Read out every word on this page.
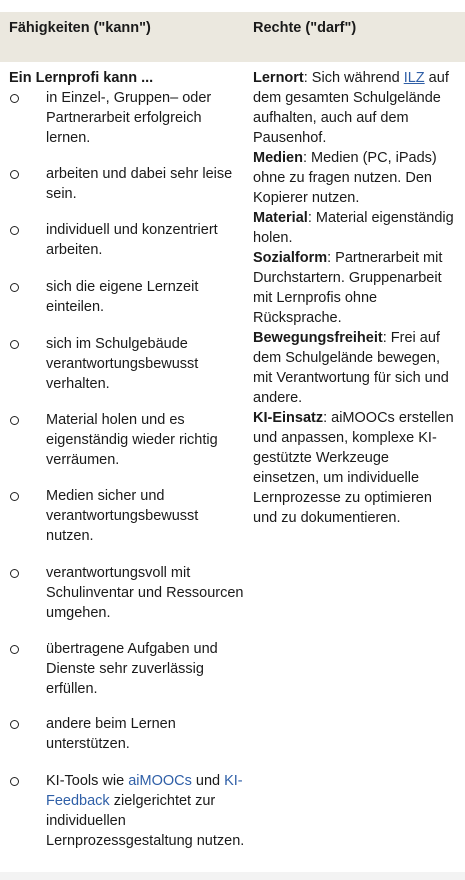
Fähigkeiten ("kann")	Rechte ("darf")

Ein Lernprofi kann ...

in Einzel-, Gruppen– oder Partnerarbeit erfolgreich lernen.
arbeiten und dabei sehr leise sein.
individuell und konzentriert arbeiten.
sich die eigene Lernzeit einteilen.
sich im Schulgebäude verantwortungsbewusst verhalten.
Material holen und es eigenständig wieder richtig verräumen.
Medien sicher und verantwortungsbewusst nutzen.
verantwortungsvoll mit Schulinventar und Ressourcen umgehen.
übertragene Aufgaben und Dienste sehr zuverlässig erfüllen.
andere beim Lernen unterstützen.
KI-Tools wie aiMOOCs und KI-Feedback zielgerichtet zur individuellen Lernprozessgestaltung nutzen.
Lernort: Sich während ILZ auf dem gesamten Schulgelände aufhalten, auch auf dem Pausenhof.
Medien: Medien (PC, iPads) ohne zu fragen nutzen. Den Kopierer nutzen.
Material: Material eigenständig holen.
Sozialform: Partnerarbeit mit Durchstartern. Gruppenarbeit mit Lernprofis ohne Rücksprache.
Bewegungsfreiheit: Frei auf dem Schulgelände bewegen, mit Verantwortung für sich und andere.
KI-Einsatz: aiMOOCs erstellen und anpassen, komplexe KI-gestützte Werkzeuge einsetzen, um individuelle Lernprozesse zu optimieren und zu dokumentieren.
